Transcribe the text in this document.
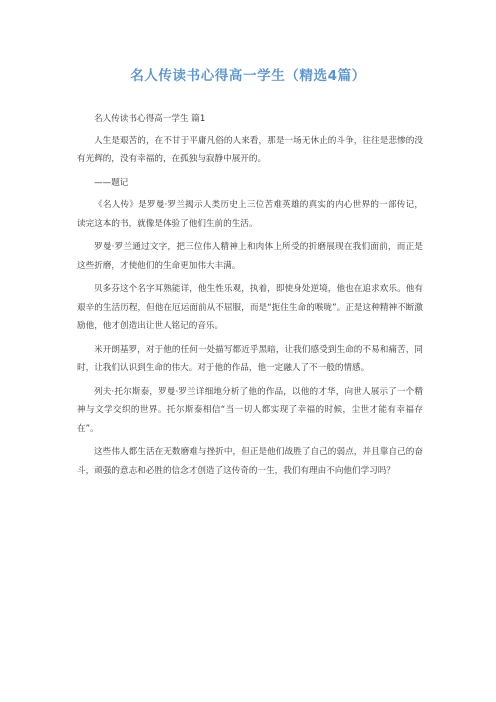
名人传读书心得高一学生（精选4篇）
名人传读书心得高一学生 篇1
人生是艰苦的，在不甘于平庸凡俗的人来看，那是一场无休止的斗争，往往是悲惨的没有光辉的，没有幸福的，在孤独与寂静中展开的。
——题记
《名人传》是罗曼·罗兰揭示人类历史上三位苦难英雄的真实的内心世界的一部传记，读完这本的书，就像是体验了他们生前的生活。
罗曼·罗兰通过文字，把三位伟人精神上和肉体上所受的折磨展现在我们面前，而正是这些折磨，才使他们的生命更加伟大丰满。
贝多芬这个名字耳熟能详，他生性乐观，执着，即使身处逆境，他也在追求欢乐。他有艰辛的生活历程，但他在厄运面前从不屈服，而是“扼住生命的喉咙”。正是这种精神不断激励他，他才创造出让世人铭记的音乐。
米开朗基罗，对于他的任何一处描写都近乎黑暗，让我们感受到生命的不易和痛苦，同时，让我们认识到生命的伟大。对于他的作品，他一定融人了不一般的情感。
列夫·托尔斯泰，罗曼·罗兰详细地分析了他的作品，以他的才华，向世人展示了一个精神与文学交织的世界。托尔斯泰相信“当一切人都实现了幸福的时候，尘世才能有幸福存在”。
这些伟人都生活在无数磨难与挫折中，但正是他们战胜了自己的弱点，并且靠自己的奋斗，顽强的意志和必胜的信念才创造了这传奇的一生，我们有理由不向他们学习吗？
